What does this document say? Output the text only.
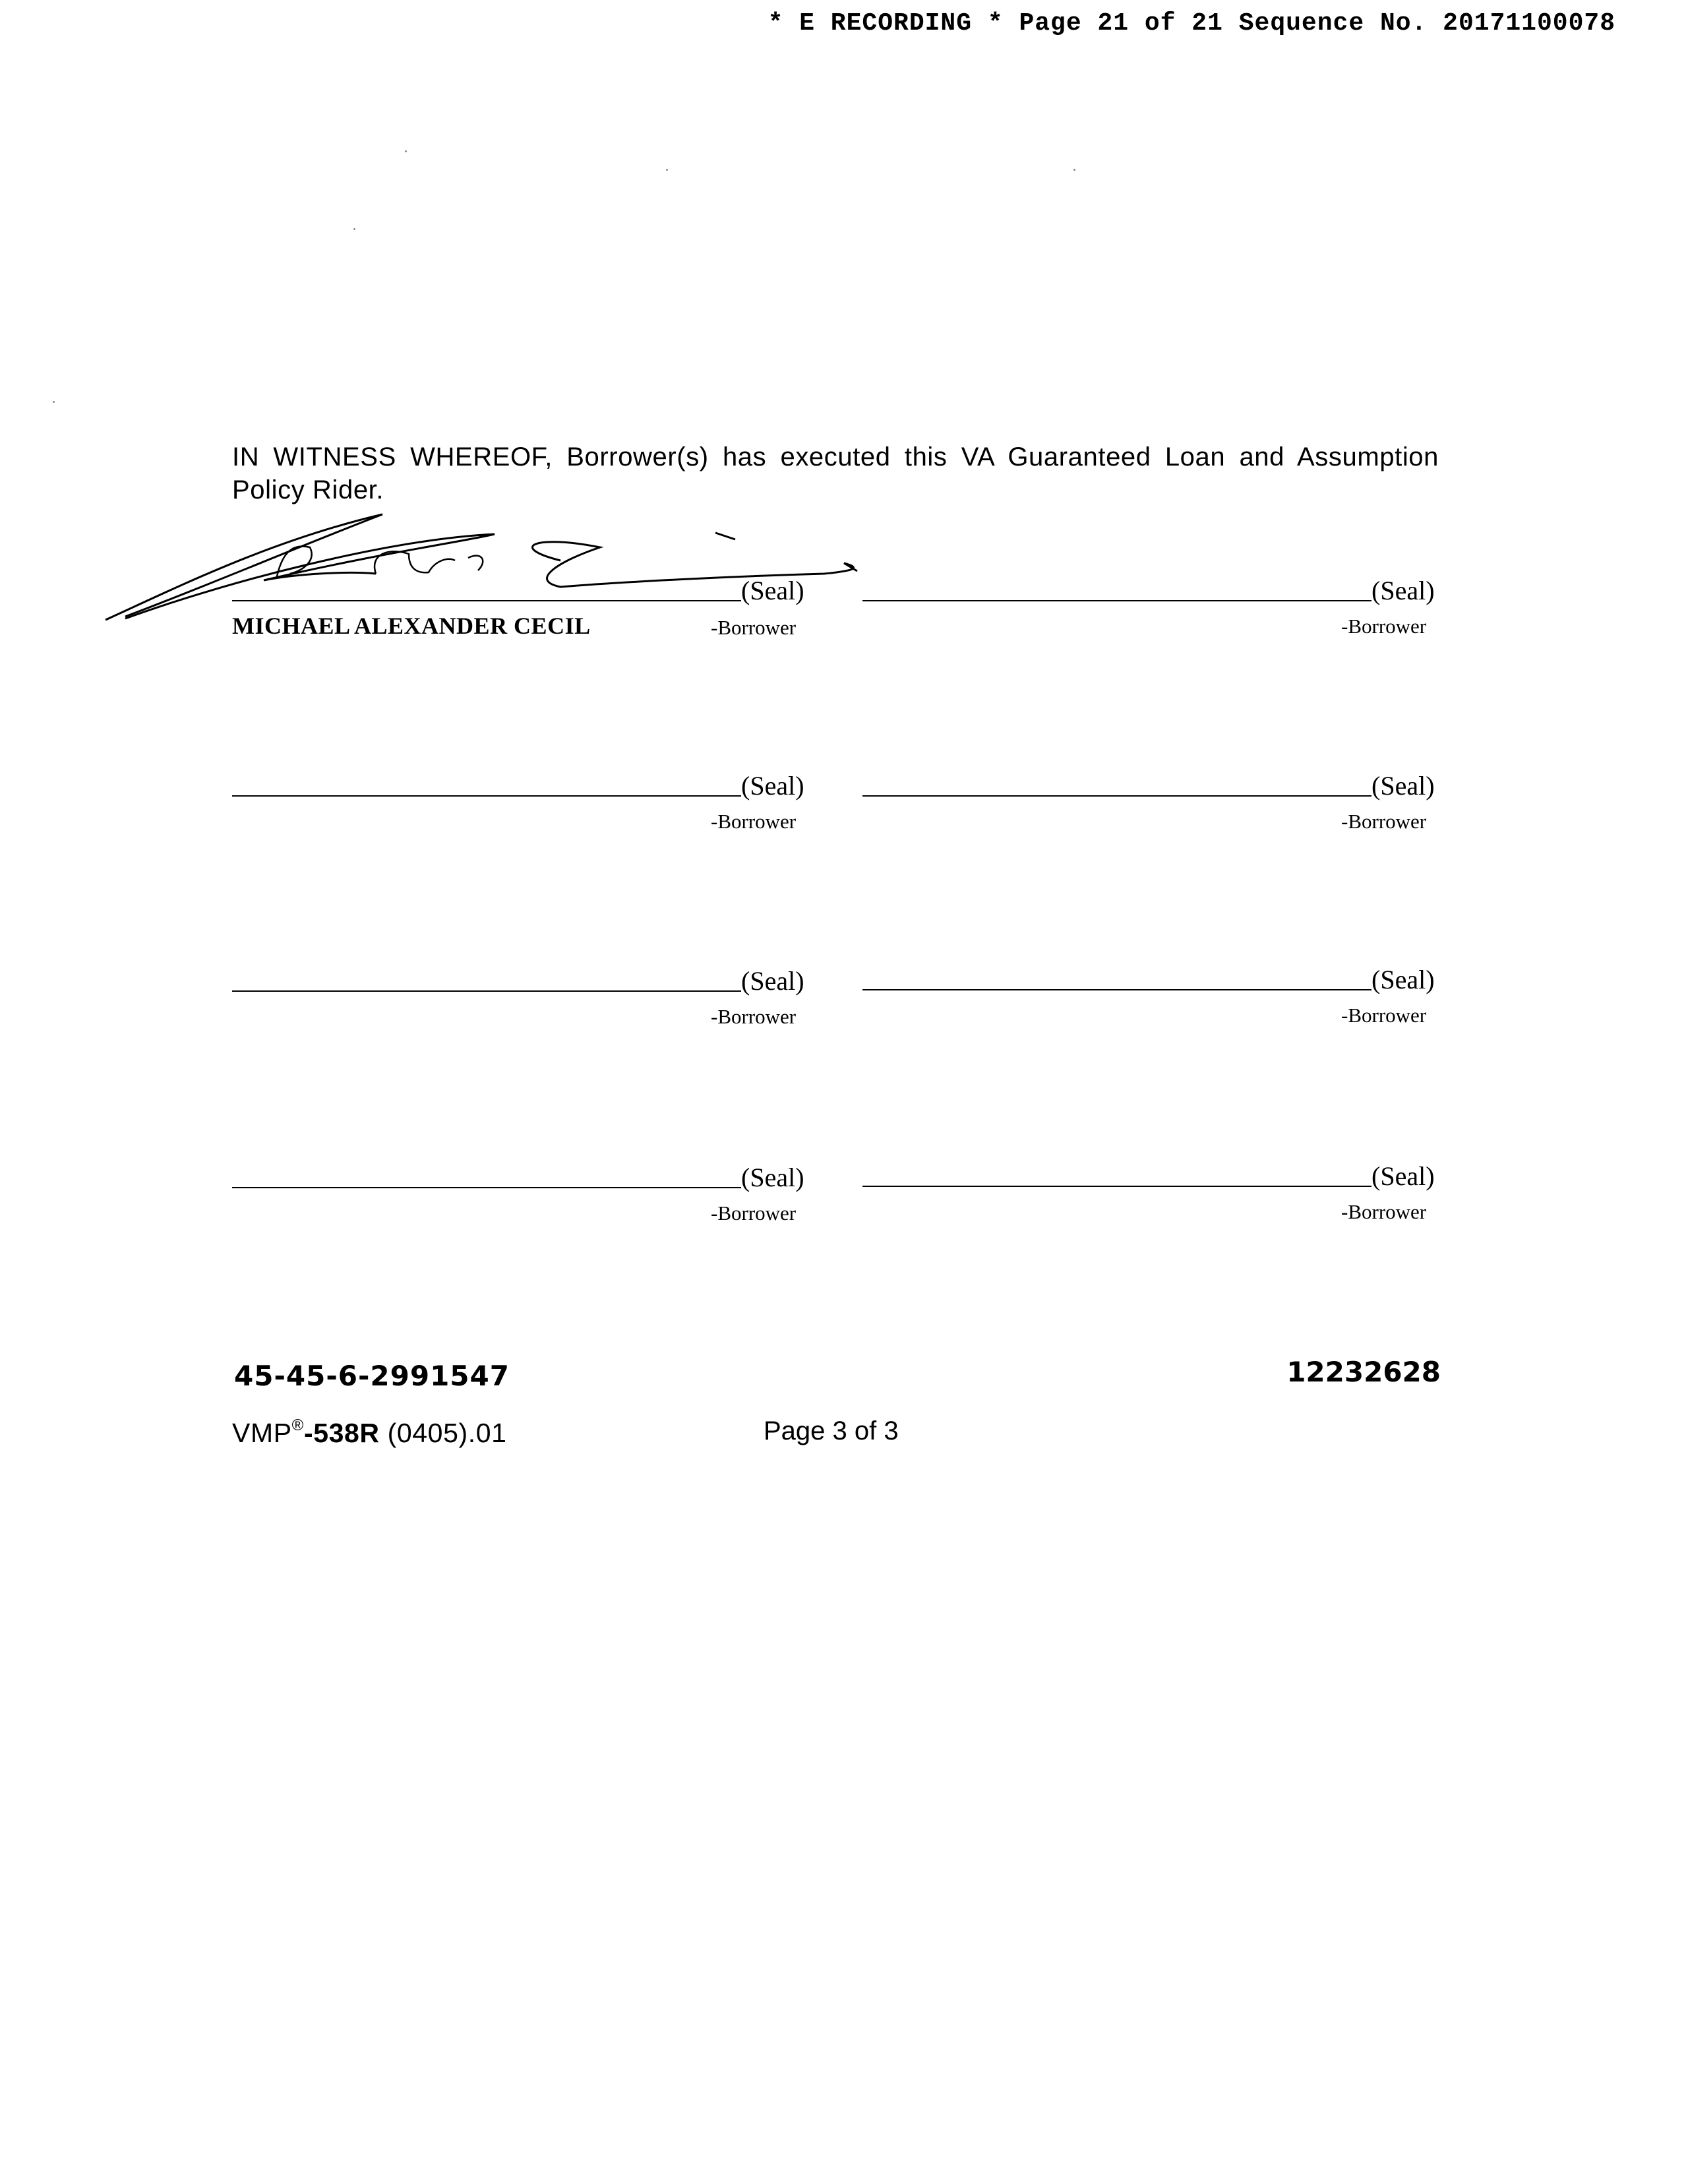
* E RECORDING * Page 21 of 21 Sequence No. 20171100078
IN WITNESS WHEREOF, Borrower(s) has executed this VA Guaranteed Loan and Assumption Policy Rider.
(Seal)
-Borrower
MICHAEL ALEXANDER CECIL
(Seal)
-Borrower
(Seal)
-Borrower
(Seal)
-Borrower
(Seal)
-Borrower
(Seal)
-Borrower
(Seal)
-Borrower
(Seal)
-Borrower
45-45-6-2991547	12232628
VMP®-538R (0405).01	Page 3 of 3
